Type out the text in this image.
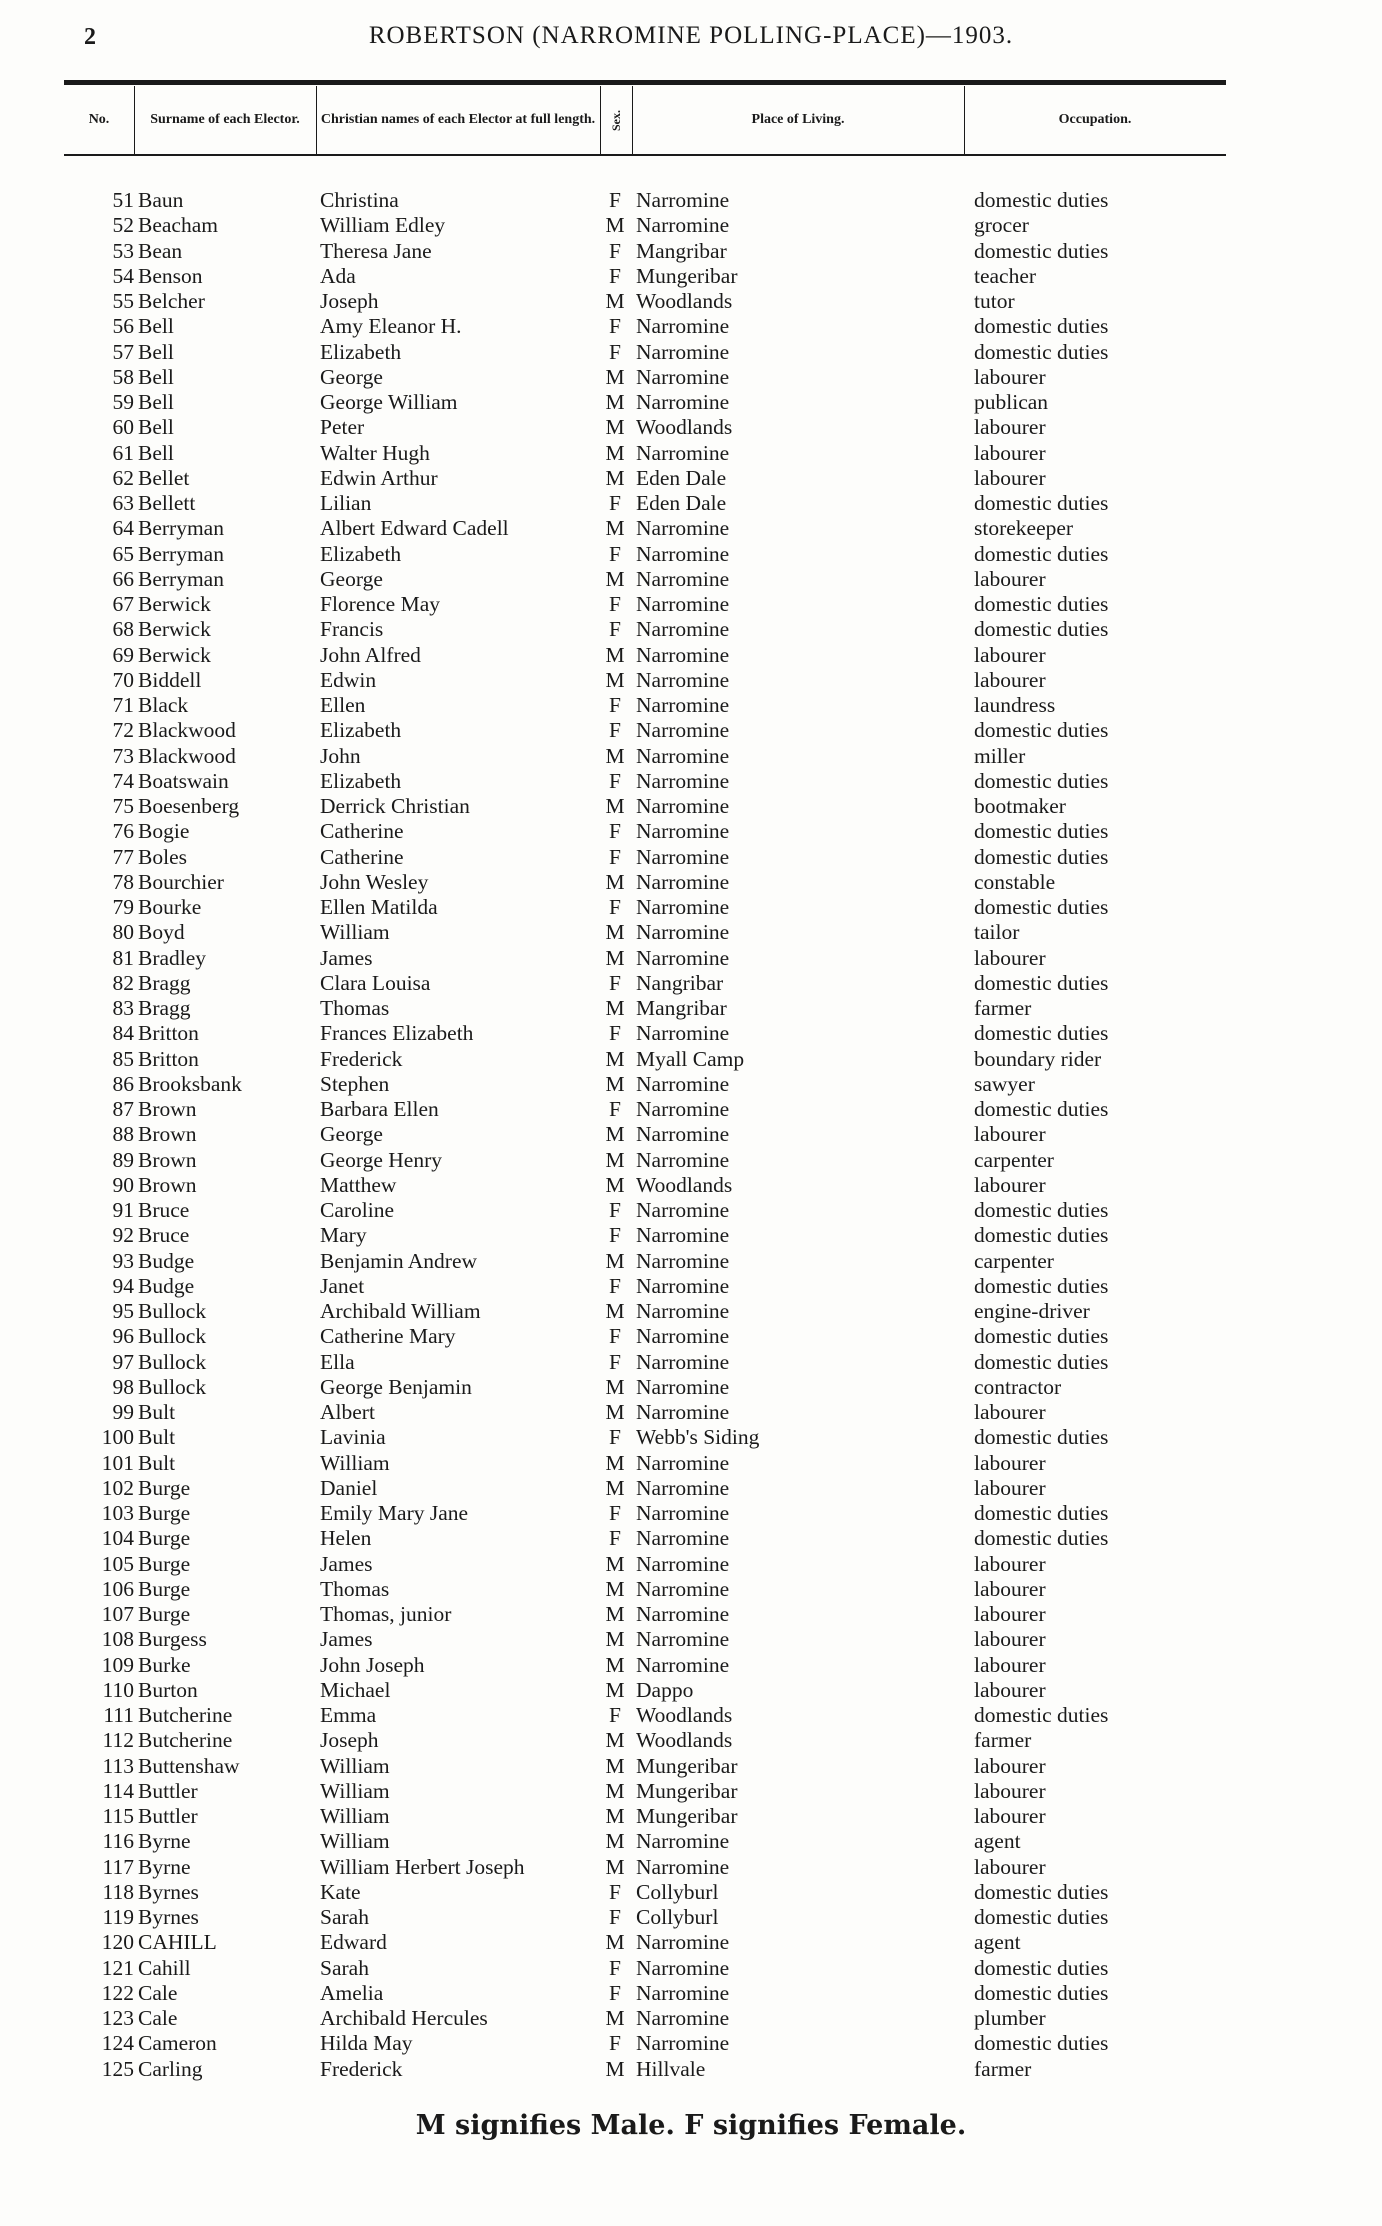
2	ROBERTSON (NARROMINE POLLING-PLACE)—1903.
No.	Surname of each Elector.	Christian names of each Elector at full length.	Sex.	Place of Living.	Occupation.
51 Baun	Christina	F Narromine	domestic duties
52 Beacham	William Edley	M Narromine	grocer
53 Bean	Theresa Jane	F Mangribar	domestic duties
54 Benson	Ada	F Mungeribar	teacher
55 Belcher	Joseph	M Woodlands	tutor
56 Bell	Amy Eleanor H.	F Narromine	domestic duties
57 Bell	Elizabeth	F Narromine	domestic duties
58 Bell	George	M Narromine	labourer
59 Bell	George William	M Narromine	publican
60 Bell	Peter	M Woodlands	labourer
61 Bell	Walter Hugh	M Narromine	labourer
62 Bellet	Edwin Arthur	M Eden Dale	labourer
63 Bellett	Lilian	F Eden Dale	domestic duties
64 Berryman	Albert Edward Cadell	M Narromine	storekeeper
65 Berryman	Elizabeth	F Narromine	domestic duties
66 Berryman	George	M Narromine	labourer
67 Berwick	Florence May	F Narromine	domestic duties
68 Berwick	Francis	F Narromine	domestic duties
69 Berwick	John Alfred	M Narromine	labourer
70 Biddell	Edwin	M Narromine	labourer
71 Black	Ellen	F Narromine	laundress
72 Blackwood	Elizabeth	F Narromine	domestic duties
73 Blackwood	John	M Narromine	miller
74 Boatswain	Elizabeth	F Narromine	domestic duties
75 Boesenberg	Derrick Christian	M Narromine	bootmaker
76 Bogie	Catherine	F Narromine	domestic duties
77 Boles	Catherine	F Narromine	domestic duties
78 Bourchier	John Wesley	M Narromine	constable
79 Bourke	Ellen Matilda	F Narromine	domestic duties
80 Boyd	William	M Narromine	tailor
81 Bradley	James	M Narromine	labourer
82 Bragg	Clara Louisa	F Nangribar	domestic duties
83 Bragg	Thomas	M Mangribar	farmer
84 Britton	Frances Elizabeth	F Narromine	domestic duties
85 Britton	Frederick	M Myall Camp	boundary rider
86 Brooksbank	Stephen	M Narromine	sawyer
87 Brown	Barbara Ellen	F Narromine	domestic duties
88 Brown	George	M Narromine	labourer
89 Brown	George Henry	M Narromine	carpenter
90 Brown	Matthew	M Woodlands	labourer
91 Bruce	Caroline	F Narromine	domestic duties
92 Bruce	Mary	F Narromine	domestic duties
93 Budge	Benjamin Andrew	M Narromine	carpenter
94 Budge	Janet	F Narromine	domestic duties
95 Bullock	Archibald William	M Narromine	engine-driver
96 Bullock	Catherine Mary	F Narromine	domestic duties
97 Bullock	Ella	F Narromine	domestic duties
98 Bullock	George Benjamin	M Narromine	contractor
99 Bult	Albert	M Narromine	labourer
100 Bult	Lavinia	F Webb's Siding	domestic duties
101 Bult	William	M Narromine	labourer
102 Burge	Daniel	M Narromine	labourer
103 Burge	Emily Mary Jane	F Narromine	domestic duties
104 Burge	Helen	F Narromine	domestic duties
105 Burge	James	M Narromine	labourer
106 Burge	Thomas	M Narromine	labourer
107 Burge	Thomas, junior	M Narromine	labourer
108 Burgess	James	M Narromine	labourer
109 Burke	John Joseph	M Narromine	labourer
110 Burton	Michael	M Dappo	labourer
111 Butcherine	Emma	F Woodlands	domestic duties
112 Butcherine	Joseph	M Woodlands	farmer
113 Buttenshaw	William	M Mungeribar	labourer
114 Buttler	William	M Mungeribar	labourer
115 Buttler	William	M Mungeribar	labourer
116 Byrne	William	M Narromine	agent
117 Byrne	William Herbert Joseph	M Narromine	labourer
118 Byrnes	Kate	F Collyburl	domestic duties
119 Byrnes	Sarah	F Collyburl	domestic duties
120 CAHILL	Edward	M Narromine	agent
121 Cahill	Sarah	F Narromine	domestic duties
122 Cale	Amelia	F Narromine	domestic duties
123 Cale	Archibald Hercules	M Narromine	plumber
124 Cameron	Hilda May	F Narromine	domestic duties
125 Carling	Frederick	M Hillvale	farmer
M signifies Male. F signifies Female.
